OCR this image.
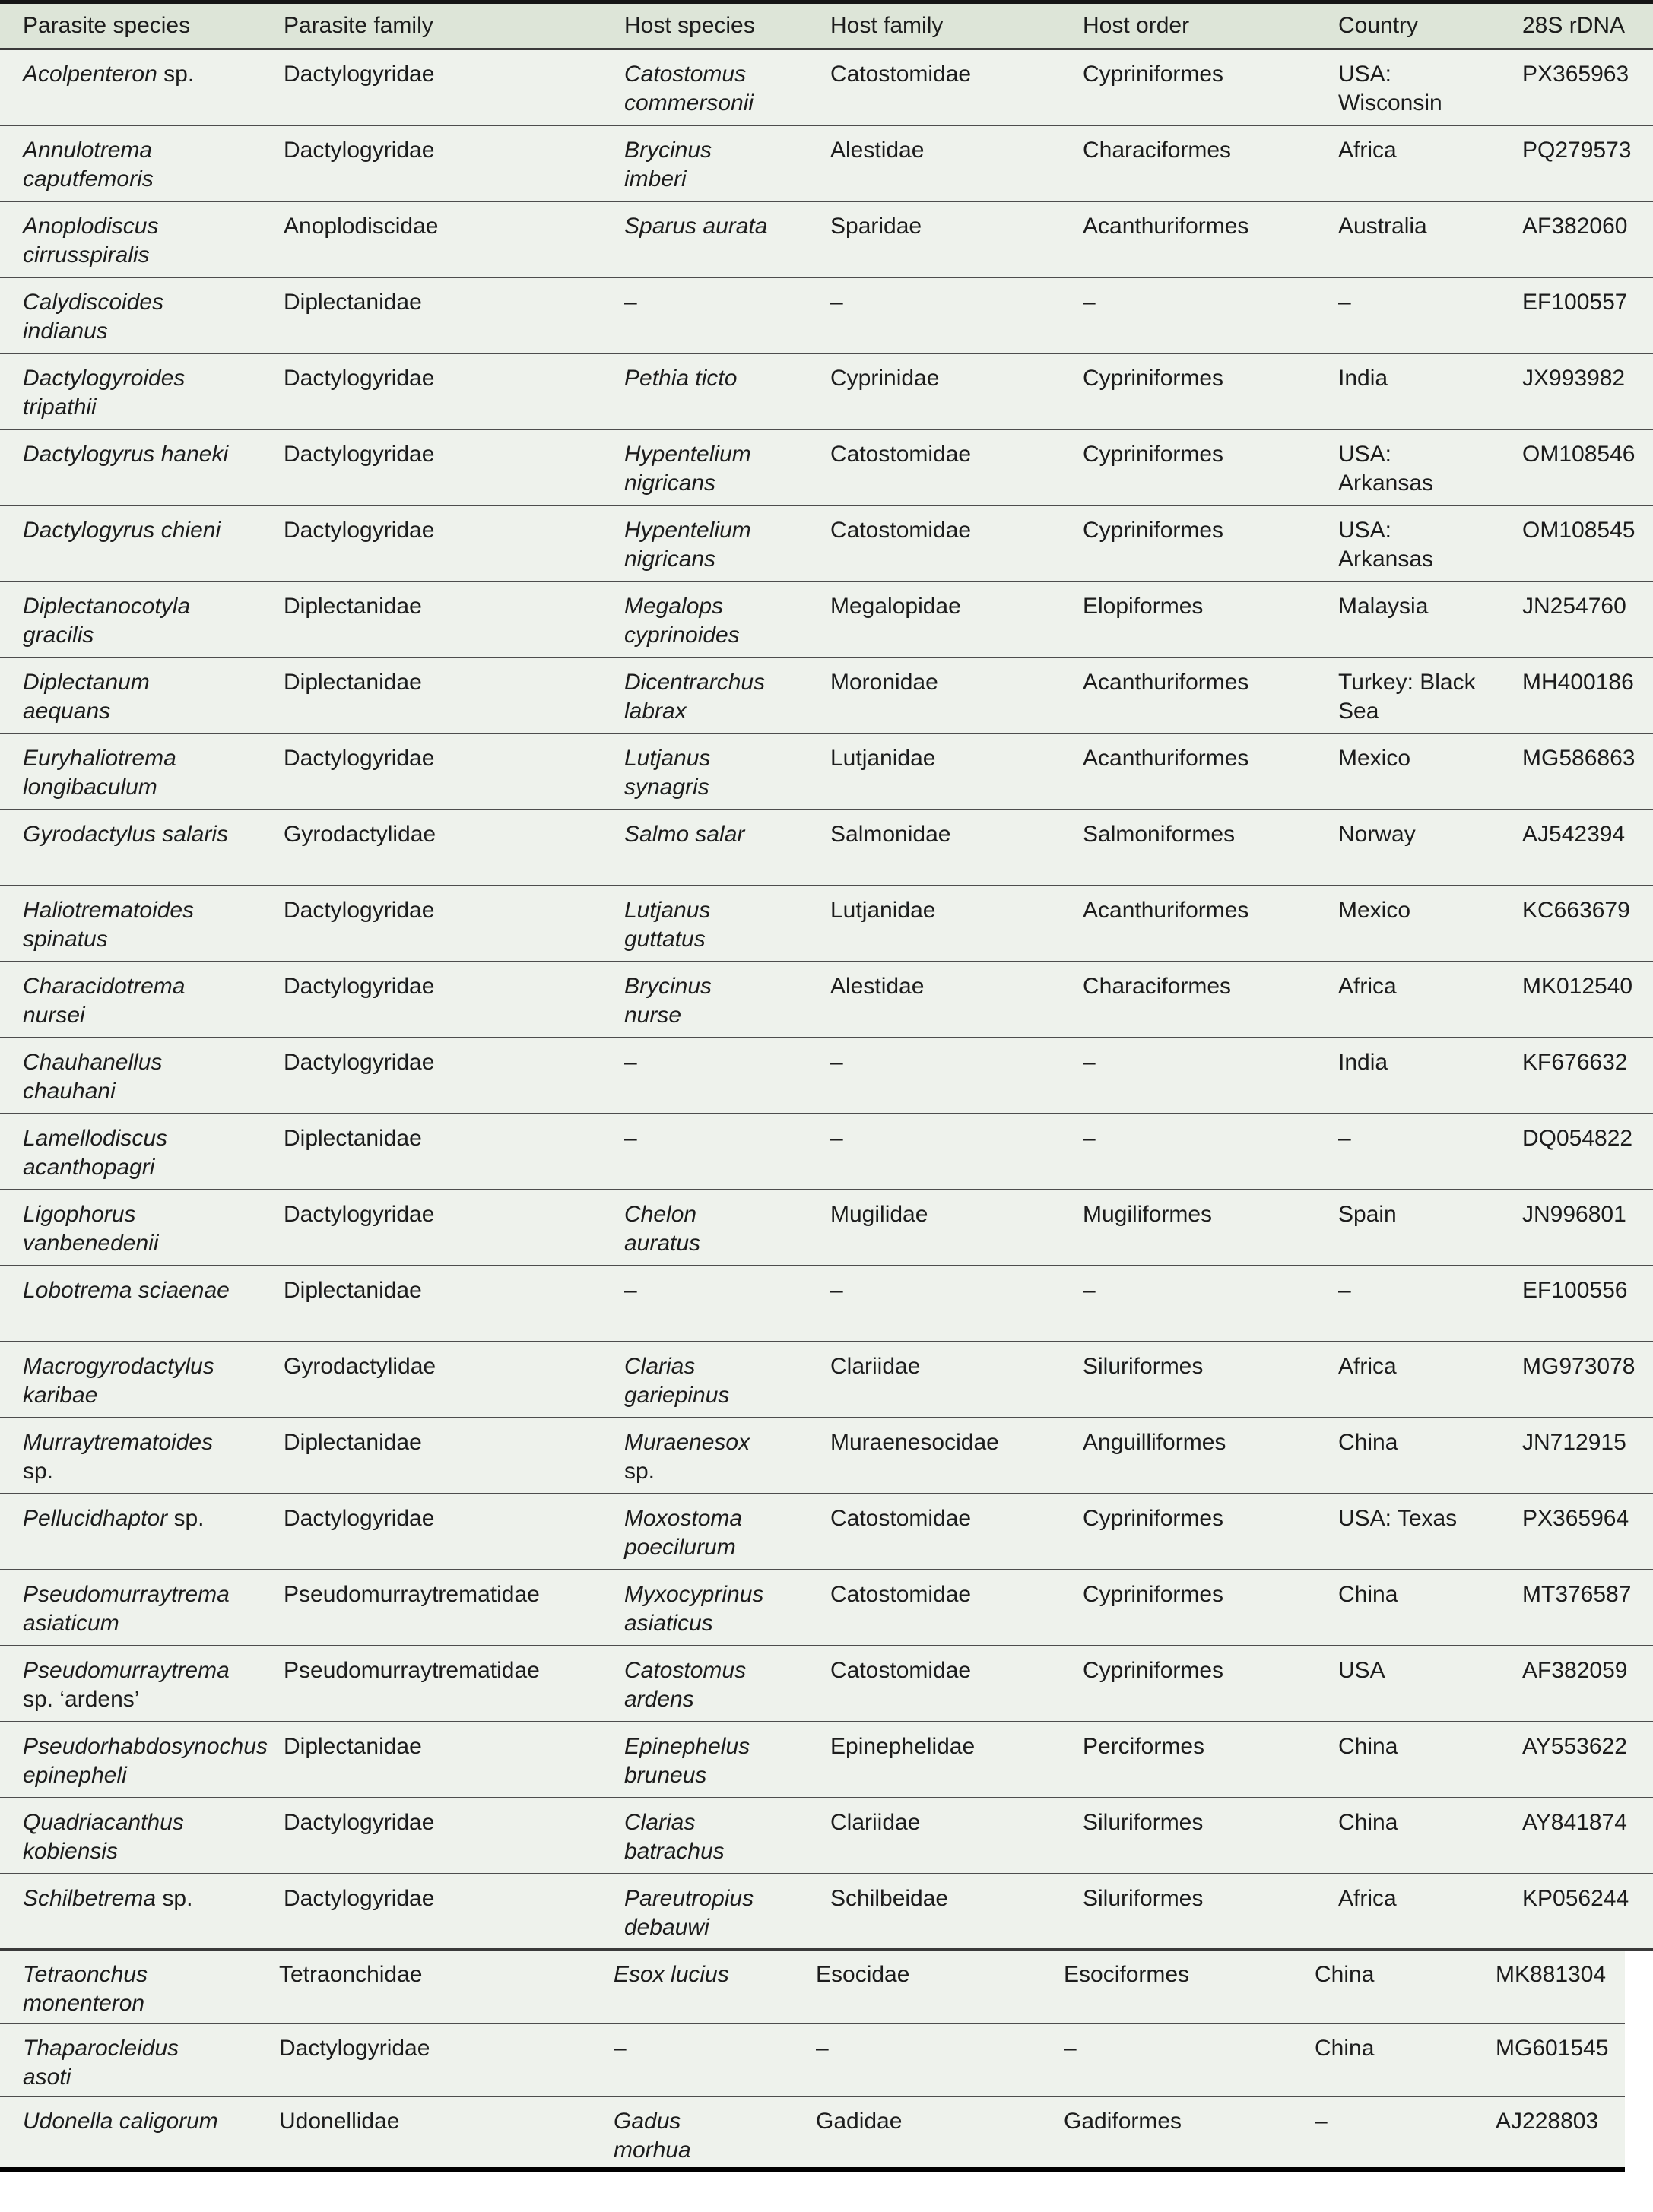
Parasite species	Parasite family	Host species	Host family	Host order	Country	28S rDNA
Acolpenteron sp.	Dactylogyridae	Catostomus commersonii	Catostomidae	Cypriniformes	USA: Wisconsin	PX365963
Annulotrema caputfemoris	Dactylogyridae	Brycinus imberi	Alestidae	Characiformes	Africa	PQ279573
Anoplodiscus cirrusspiralis	Anoplodiscidae	Sparus aurata	Sparidae	Acanthuriformes	Australia	AF382060
Calydiscoides indianus	Diplectanidae	–	–	–	–	EF100557
Dactylogyroides tripathii	Dactylogyridae	Pethia ticto	Cyprinidae	Cypriniformes	India	JX993982
Dactylogyrus haneki	Dactylogyridae	Hypentelium nigricans	Catostomidae	Cypriniformes	USA: Arkansas	OM108546
Dactylogyrus chieni	Dactylogyridae	Hypentelium nigricans	Catostomidae	Cypriniformes	USA: Arkansas	OM108545
Diplectanocotyla gracilis	Diplectanidae	Megalops cyprinoides	Megalopidae	Elopiformes	Malaysia	JN254760
Diplectanum aequans	Diplectanidae	Dicentrarchus labrax	Moronidae	Acanthuriformes	Turkey: Black Sea	MH400186
Euryhaliotrema longibaculum	Dactylogyridae	Lutjanus synagris	Lutjanidae	Acanthuriformes	Mexico	MG586863
Gyrodactylus salaris	Gyrodactylidae	Salmo salar	Salmonidae	Salmoniformes	Norway	AJ542394
Haliotrematoides spinatus	Dactylogyridae	Lutjanus guttatus	Lutjanidae	Acanthuriformes	Mexico	KC663679
Characidotrema nursei	Dactylogyridae	Brycinus nurse	Alestidae	Characiformes	Africa	MK012540
Chauhanellus chauhani	Dactylogyridae	–	–	–	India	KF676632
Lamellodiscus acanthopagri	Diplectanidae	–	–	–	–	DQ054822
Ligophorus vanbenedenii	Dactylogyridae	Chelon auratus	Mugilidae	Mugiliformes	Spain	JN996801
Lobotrema sciaenae	Diplectanidae	–	–	–	–	EF100556
Macrogyrodactylus karibae	Gyrodactylidae	Clarias gariepinus	Clariidae	Siluriformes	Africa	MG973078
Murraytrematoides sp.	Diplectanidae	Muraenesox sp.	Muraenesocidae	Anguilliformes	China	JN712915
Pellucidhaptor sp.	Dactylogyridae	Moxostoma poecilurum	Catostomidae	Cypriniformes	USA: Texas	PX365964
Pseudomurraytrema asiaticum	Pseudomurraytrematidae	Myxocyprinus asiaticus	Catostomidae	Cypriniformes	China	MT376587
Pseudomurraytrema sp. ‘ardens’	Pseudomurraytrematidae	Catostomus ardens	Catostomidae	Cypriniformes	USA	AF382059
Pseudorhabdosynochus epinepheli	Diplectanidae	Epinephelus bruneus	Epinephelidae	Perciformes	China	AY553622
Quadriacanthus kobiensis	Dactylogyridae	Clarias batrachus	Clariidae	Siluriformes	China	AY841874
Schilbetrema sp.	Dactylogyridae	Pareutropius debauwi	Schilbeidae	Siluriformes	Africa	KP056244
Tetraonchus monenteron	Tetraonchidae	Esox lucius	Esocidae	Esociformes	China	MK881304
Thaparocleidus asoti	Dactylogyridae	–	–	–	China	MG601545
Udonella caligorum	Udonellidae	Gadus morhua	Gadidae	Gadiformes	–	AJ228803
